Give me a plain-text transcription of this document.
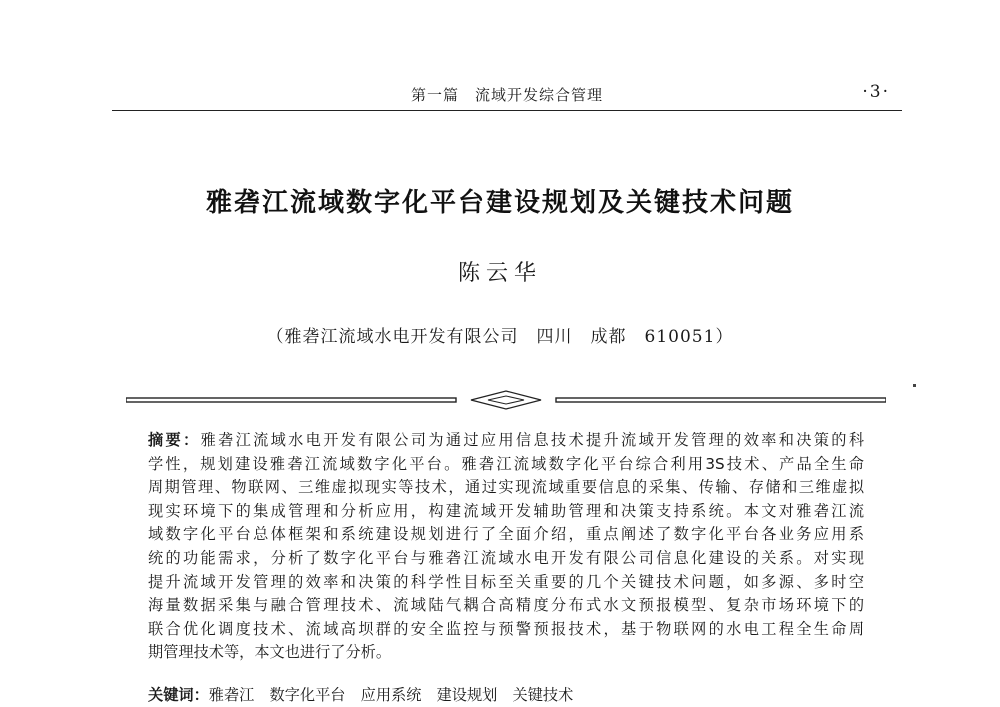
第一篇　流域开发综合管理	·3·
雅砻江流域数字化平台建设规划及关键技术问题
陈云华
（雅砻江流域水电开发有限公司　四川　成都　610051）
摘要：雅砻江流域水电开发有限公司为通过应用信息技术提升流域开发管理的效率和决策的科
学性，规划建设雅砻江流域数字化平台。雅砻江流域数字化平台综合利用3S技术、产品全生命
周期管理、物联网、三维虚拟现实等技术，通过实现流域重要信息的采集、传输、存储和三维虚拟
现实环境下的集成管理和分析应用，构建流域开发辅助管理和决策支持系统。本文对雅砻江流
域数字化平台总体框架和系统建设规划进行了全面介绍，重点阐述了数字化平台各业务应用系
统的功能需求，分析了数字化平台与雅砻江流域水电开发有限公司信息化建设的关系。对实现
提升流域开发管理的效率和决策的科学性目标至关重要的几个关键技术问题，如多源、多时空
海量数据采集与融合管理技术、流域陆气耦合高精度分布式水文预报模型、复杂市场环境下的
联合优化调度技术、流域高坝群的安全监控与预警预报技术，基于物联网的水电工程全生命周
期管理技术等，本文也进行了分析。
关键词：雅砻江　数字化平台　应用系统　建设规划　关键技术
